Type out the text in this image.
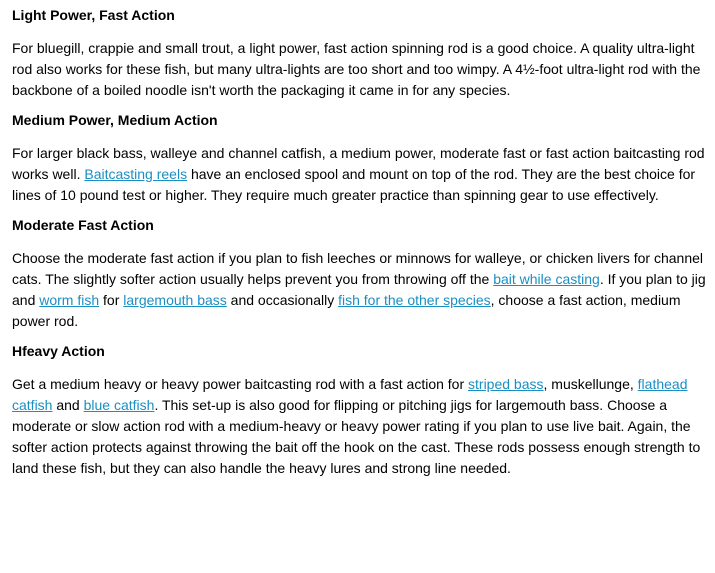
Light Power, Fast Action

For bluegill, crappie and small trout, a light power, fast action spinning rod is a good choice. A quality ultra-light rod also works for these fish, but many ultra-lights are too short and too wimpy. A 4½-foot ultra-light rod with the backbone of a boiled noodle isn't worth the packaging it came in for any species.

Medium Power, Medium Action

For larger black bass, walleye and channel catfish, a medium power, moderate fast or fast action baitcasting rod works well. Baitcasting reels have an enclosed spool and mount on top of the rod. They are the best choice for lines of 10 pound test or higher. They require much greater practice than spinning gear to use effectively.

Moderate Fast Action

Choose the moderate fast action if you plan to fish leeches or minnows for walleye, or chicken livers for channel cats. The slightly softer action usually helps prevent you from throwing off the bait while casting. If you plan to jig and worm fish for largemouth bass and occasionally fish for the other species, choose a fast action, medium power rod.

Hfeavy Action

Get a medium heavy or heavy power baitcasting rod with a fast action for striped bass, muskellunge, flathead catfish and blue catfish. This set-up is also good for flipping or pitching jigs for largemouth bass. Choose a moderate or slow action rod with a medium-heavy or heavy power rating if you plan to use live bait. Again, the softer action protects against throwing the bait off the hook on the cast. These rods possess enough strength to land these fish, but they can also handle the heavy lures and strong line needed.
